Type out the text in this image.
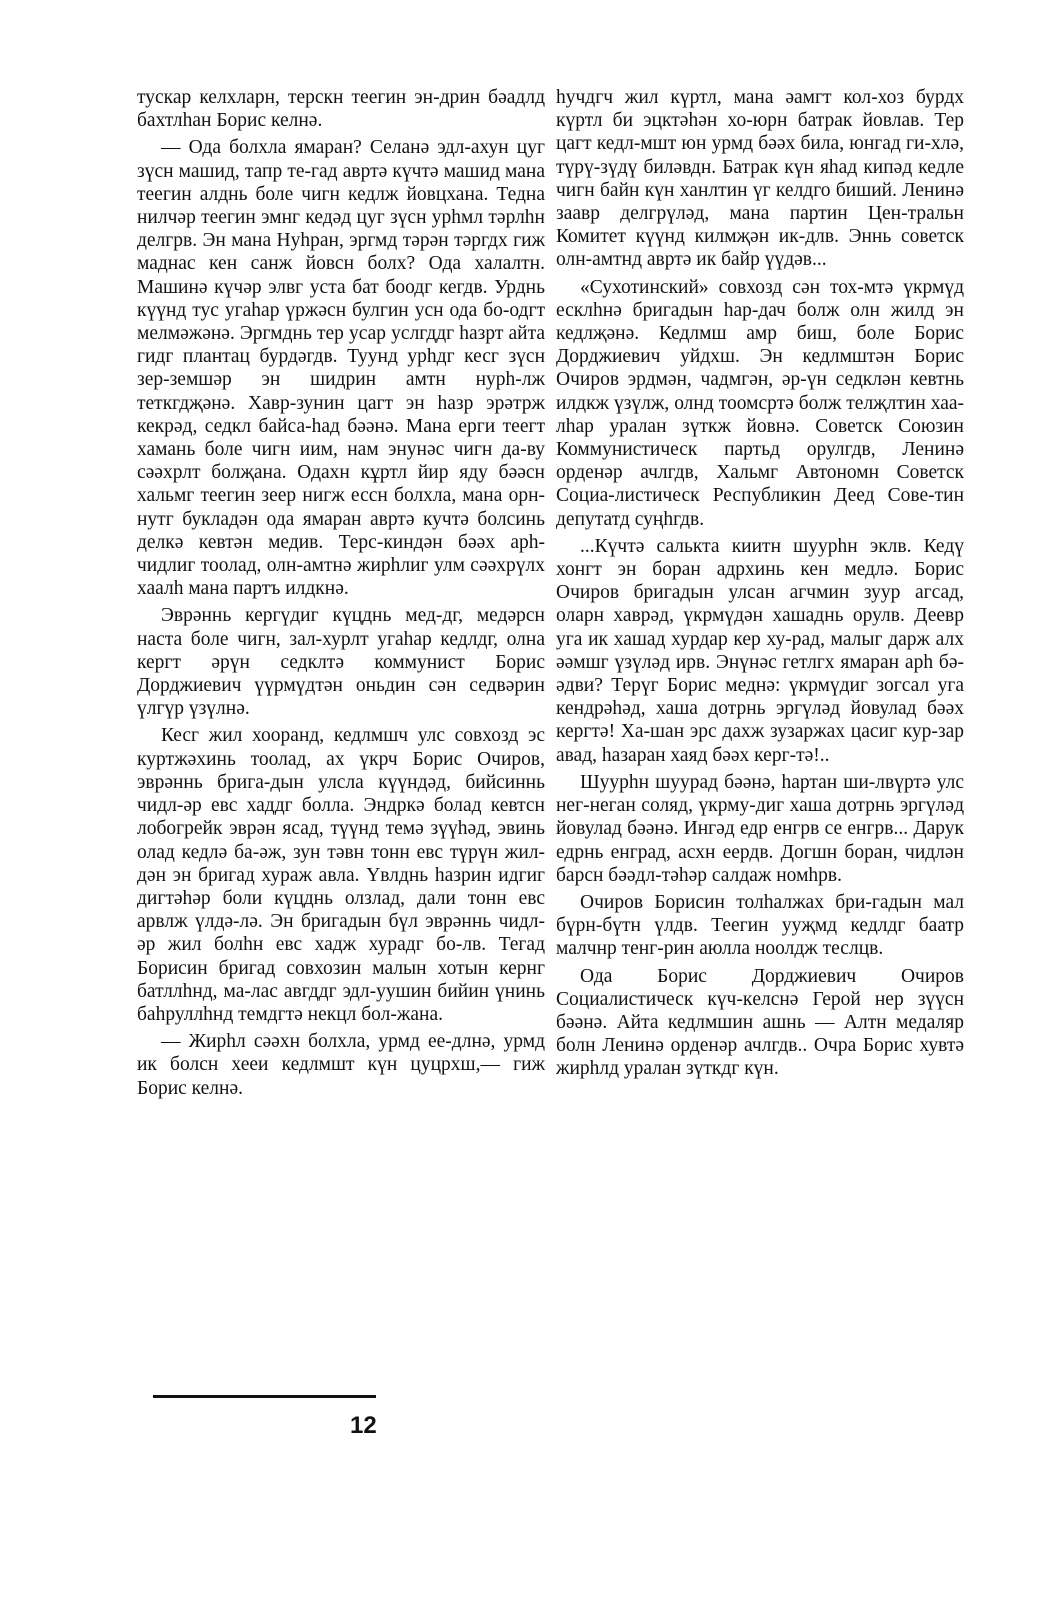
тускар келхларн, терскн теегин эн-дрин бəадлд бахтлhан Борис келнə.

— Ода болхла ямаран? Селанə эдл-ахун цуг зүсн машид, тапр те-гад авртə күчтə машид мана теегин алднь боле чигн кедлж йовцхана. Тедна нилчəр теегин эмнг кедəд цуг зүсн урhмл тəрлhн делгрв. Эн мана Нуhран, эргмд тəрəн тəргдх гиж маднас кен санж йовсн болх? Ода халалтн. Машинə күчəр элвг уста бат боодг кегдв. Урднь күүнд тус угаhар үржəсн булгин усн ода бо-одгт мелмəжəнə. Эргмднь тер усар услгддг hазрт айта гидг плантац бурдəгдв. Туунд урhдг кесг зүсн зер-земшəр эн шидрин амтн нурh-лж теткгдҗəнə. Хавр-зунин цагт эн hазр эрəтрж кекрəд, седкл байса-hад бəəнə. Мана ерги теегт хамань боле чигн иим, нам энунəс чигн да-ву сəəхрлт болҗана. Одахн кұртл йир яду бəəсн хальмг теегин зеер нигж ессн болхла, мана орн-нутг букладəн ода ямаран авртə кучтə болсинь делкə кевтəн медив. Терс-киндəн бəəх арh-чидлиг тоолад, олн-амтнə жирhлиг улм сəəхрүлх хаалh мана партъ илдкнə.

Эврəннь кергүдиг күцднь мед-дг, медəрсн наста боле чигн, зал-хурлт угаhар кедлдг, олна кергт əрүн седклтə коммунист Борис Дорджиевич үүрмүдтəн оньдин сəн седвəрин үлгүр үзүлнə.

Кесг жил хооранд, кедлмшч улс совхозд эс куртжəхинь тоолад, ах үкрч Борис Очиров, эврəннь брига-дын улсла күүндəд, бийсиннь чидл-əр евс хаддг болла. Эндркə болад кевтсн лобогрейк эврəн ясад, түүнд темə зүүhəд, эвинь олад кедлə ба-əж, зун тəвн тонн евс түрүн жил-дəн эн бригад хураж авла. Үвлднь hазрин идгиг дигтəhəр боли күцднь олзлад, дали тонн евс арвлж үлдə-лə. Эн бригадын бүл эврəннь чидл-əр жил болhн евс хадж хурадг бо-лв. Тегад Борисин бригад совхозин малын хотын кернг батллhнд, ма-лас авгддг эдл-уушин бийин үнинь баhруллhнд темдгтə некцл бол-жана.

— Жирhл сəəхн болхла, урмд ее-длнə, урмд ик болсн хееи кедлмшт күн цуцрхш,— гиж Борис келнə.

hучдгч жил күртл, мана əамгт кол-хоз бурдх күртл би эцктəhəн хо-юрн батрак йовлав. Тер цагт кедл-мшт юн урмд бəəх била, юнгад ги-хлə, түрү-зүдү билəвдн. Батрак күн яhад кипəд кедле чигн байн күн ханлтин үг келдго биший. Ленинə заавр делгрүлəд, мана партин Цен-тральн Комитет күүнд килмҗəн ик-длв. Эннь советск олн-амтнд авртə ик байр үүдəв...

«Сухотинский» совхозд сəн тох-мтə үкрмүд есклhнə бригадын hар-дач болж олн жилд эн кедлҗəнə. Кедлмш амр биш, боле Борис Дорджиевич уйдхш. Эн кедлмштəн Борис Очиров эрдмəн, чадмгəн, əр-үн седклəн кевтнь илдкж үзүлж, олнд тоомсртə болж телҗлтин хаа-лhар уралан зүткж йовнə. Советск Союзин Коммунистическ партьд орулгдв, Ленинə орденəр ачлгдв, Хальмг Автономн Советск Социа-листическ Республикин Деед Сове-тин депутатд суңhгдв.

...Күчтə салькта киитн шуурhн эклв. Кедү хонгт эн боран адрхинь кен медлə. Борис Очиров бригадын улсан агчмин зуур агсад, оларн хаврəд, үкрмүдəн хашаднь орулв. Деевр уга ик хашад хурдар кер ху-рад, малыг дарж алх əəмшг үзүлəд ирв. Энүнəс гетлгх ямаран арh бə-əдви? Терүг Борис меднə: үкрмүдиг зогсал уга кендрəhəд, хаша дотрнь эргүлəд йовулад бəəх кергтə! Ха-шан эрс дахж зузаржах цасиг кур-зар авад, hазаран хаяд бəəх керг-тə!..

Шуурhн шуурад бəəнə, hартан ши-лвүртə улс нег-неган соляд, үкрму-диг хаша дотрнь эргүлəд йовулад бəəнə. Ингəд едр енгрв се енгрв... Дарук едрнь енград, асхн еердв. Догшн боран, чидлəн барсн бəəдл-тəhəр салдаж номhрв.

Очиров Борисин толhалжах бри-гадын мал бүрн-бүтн үлдв. Теегин ууҗмд кедлдг баатр малчнр тенг-рин аюлла ноолдж теслцв.

Ода Борис Дорджиевич Очиров Социалистическ күч-кeлснə Герой нер зүүсн бəəнə. Айта кедлмшин ашнь — Алтн медаляр болн Ленинə орденəр ачлгдв.. Очра Борис хувтə жирhлд уралан зүткдг күн.

12
